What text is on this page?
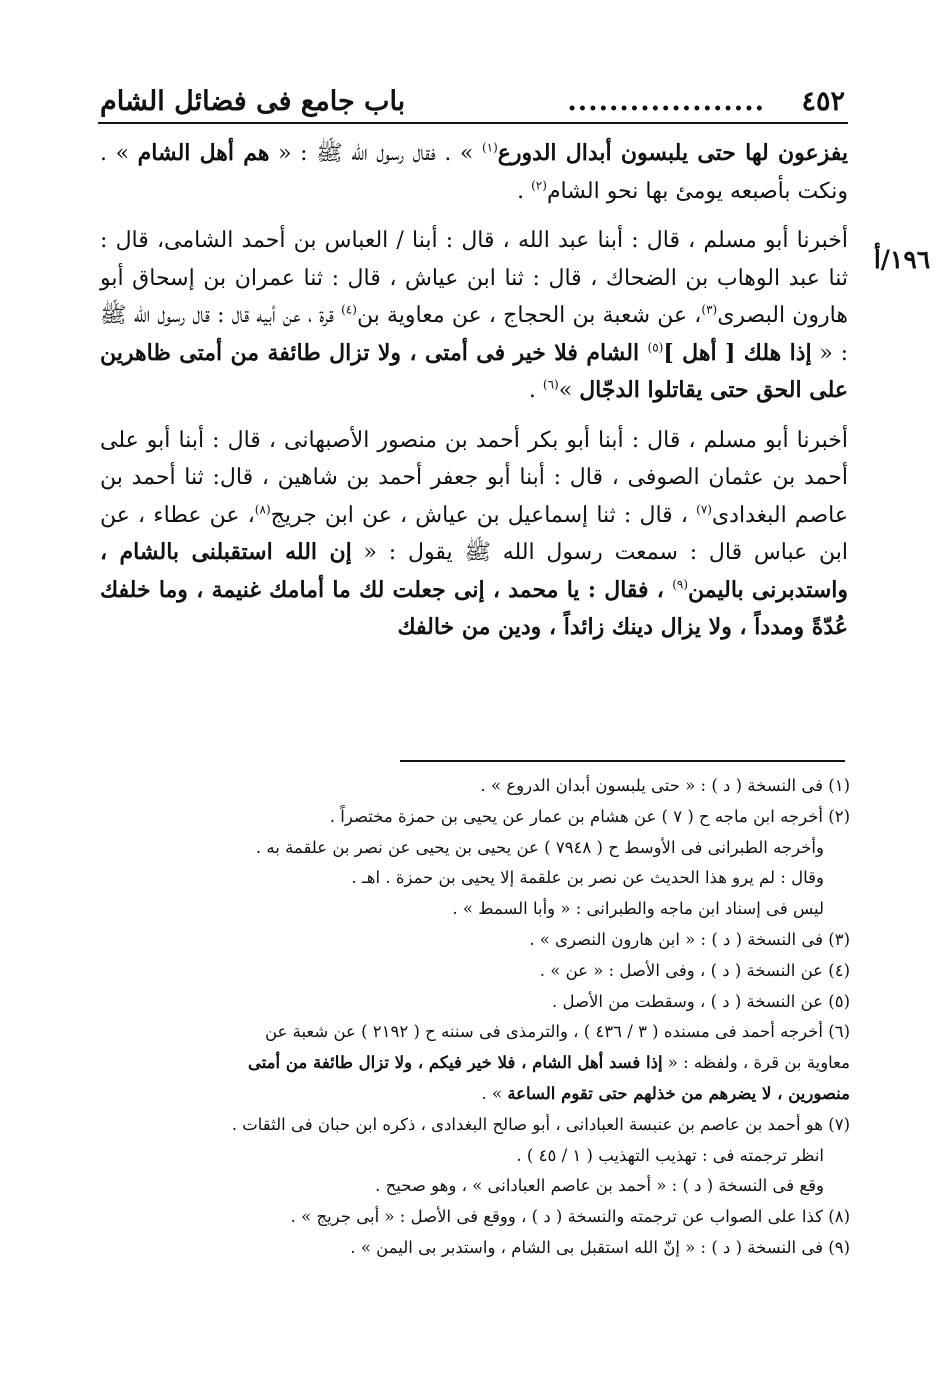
٤٥٢
...................
باب جامع فى فضائل الشام
١٩٦/أ

يفزعون لها حتى يلبسون أبدال الدورع$^{(١)}$ » . فقال رسول الله ﷺ : « هم أهل الشام » . ونكت بأصبعه يومئ بها نحو الشام$^{(٢)}$ .

أخبرنا أبو مسلم ، قال : أبنا عبد الله ، قال : أبنا / العباس بن أحمد الشامى، قال : ثنا عبد الوهاب بن الضحاك ، قال : ثنا ابن عياش ، قال : ثنا عمران بن إسحاق أبو هارون البصرى$^{(٣)}$، عن شعبة بن الحجاج ، عن معاوية بن$^{(٤)}$ قرة ، عن أبيه قال : قال رسول الله ﷺ : « إذا هلك [ أهل ]$^{(٥)}$ الشام فلا خير فى أمتى ، ولا تزال طائفة من أمتى ظاهرين على الحق حتى يقاتلوا الدجّال »$^{(٦)}$ .

أخبرنا أبو مسلم ، قال : أبنا أبو بكر أحمد بن منصور الأصبهانى ، قال : أبنا أبو على أحمد بن عثمان الصوفى ، قال : أبنا أبو جعفر أحمد بن شاهين ، قال: ثنا أحمد بن عاصم البغدادى$^{(٧)}$ ، قال : ثنا إسماعيل بن عياش ، عن ابن جريج$^{(٨)}$، عن عطاء ، عن ابن عباس قال : سمعت رسول الله ﷺ يقول : « إن الله استقبلنى بالشام ، واستدبرنى باليمن$^{(٩)}$ ، فقال : يا محمد ، إنى جعلت لك ما أمامك غنيمة ، وما خلفك عُدّةً ومدداً ، ولا يزال دينك زائداً ، ودين من خالفك

(١) فى النسخة ( د ) : « حتى يلبسون أبدان الدروع » .
(٢) أخرجه ابن ماجه ح ( ٧ ) عن هشام بن عمار عن يحيى بن حمزة مختصراً .
وأخرجه الطبرانى فى الأوسط ح ( ٧٩٤٨ ) عن يحيى بن يحيى عن نصر بن علقمة به .
وقال : لم يرو هذا الحديث عن نصر بن علقمة إلا يحيى بن حمزة . اهـ .
ليس فى إسناد ابن ماجه والطبرانى : « وأبا السمط » .
(٣) فى النسخة ( د ) : « ابن هارون النصرى » .
(٤) عن النسخة ( د ) ، وفى الأصل : « عن » .
(٥) عن النسخة ( د ) ، وسقطت من الأصل .
(٦) أخرجه أحمد فى مسنده ( ٣ / ٤٣٦ ) ، والترمذى فى سننه ح ( ٢١٩٢ ) عن شعبة عن
معاوية بن قرة ، ولفظه : « إذا فسد أهل الشام ، فلا خير فيكم ، ولا تزال طائفة من أمتى
منصورين ، لا يضرهم من خذلهم حتى تقوم الساعة » .
(٧) هو أحمد بن عاصم بن عنبسة العبادانى ، أبو صالح البغدادى ، ذكره ابن حبان فى الثقات .
انظر ترجمته فى : تهذيب التهذيب ( ١ / ٤٥ ) .
وقع فى النسخة ( د ) : « أحمد بن عاصم العبادانى » ، وهو صحيح .
(٨) كذا على الصواب عن ترجمته والنسخة ( د ) ، ووقع فى الأصل : « أبى جريج » .
(٩) فى النسخة ( د ) : « إنّ الله استقبل بى الشام ، واستدبر بى اليمن » .
